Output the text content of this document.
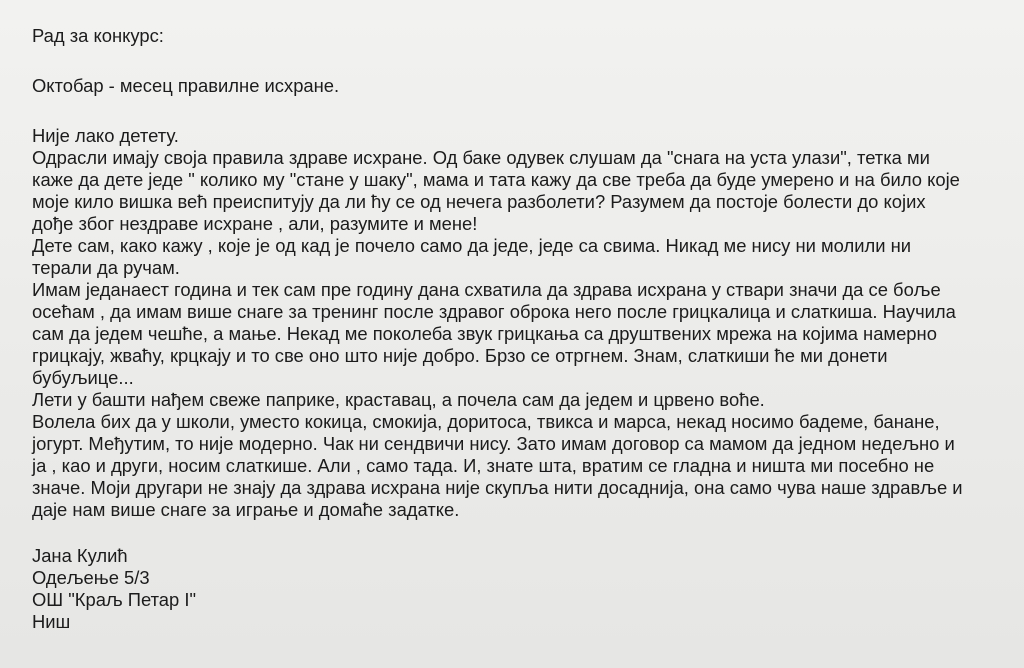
Рад за конкурс:
Октобар - месец правилне исхране.
Није лако детету.
Одрасли имају своја правила здраве исхране. Од баке одувек слушам да "снага на уста улази", тетка ми
каже да дете једе " колико му "стане у шаку", мама и тата кажу да све треба да буде умерено и на било које
моје кило вишка већ преиспитују да ли ћу се од нечега разболети? Разумем да постоје болести до којих
дође због нездраве исхране , али, разумите и мене!
Дете сам, како кажу , које је од кад је почело само да једе, једе са свима. Никад ме нису ни молили ни
терали да ручам.
Имам једанаест година и тек сам пре годину дана схватила да здрава исхрана у ствари значи да се боље
осећам , да имам више снаге за тренинг после здравог оброка него после грицкалица и слаткиша. Научила
сам да једем чешће, а мање. Некад ме поколеба звук грицкања са друштвених мрежа на којима намерно
грицкају, жваћу, крцкају и то све оно што није добро. Брзо се отргнем. Знам, слаткиши ће ми донети
бубуљице...
Лети у башти нађем свеже паприке, краставац, а почела сам да једем и црвено воће.
Волела бих да у школи, уместо кокица, смокија, доритоса, твикса и марса, некад носимо бадеме, банане,
јогурт. Међутим, то није модерно. Чак ни сендвичи нису. Зато имам договор са мамом да једном недељно и
ја , као и други, носим слаткише. Али , само тада. И, знате шта, вратим се гладна и ништа ми посебно не
значе. Моји другари не знају да здрава исхрана није скупља нити досаднија, она само чува наше здравље и
даје нам више снаге за играње и домаће задатке.
Јана Кулић
Одељење 5/3
ОШ "Краљ Петар I"
Ниш
